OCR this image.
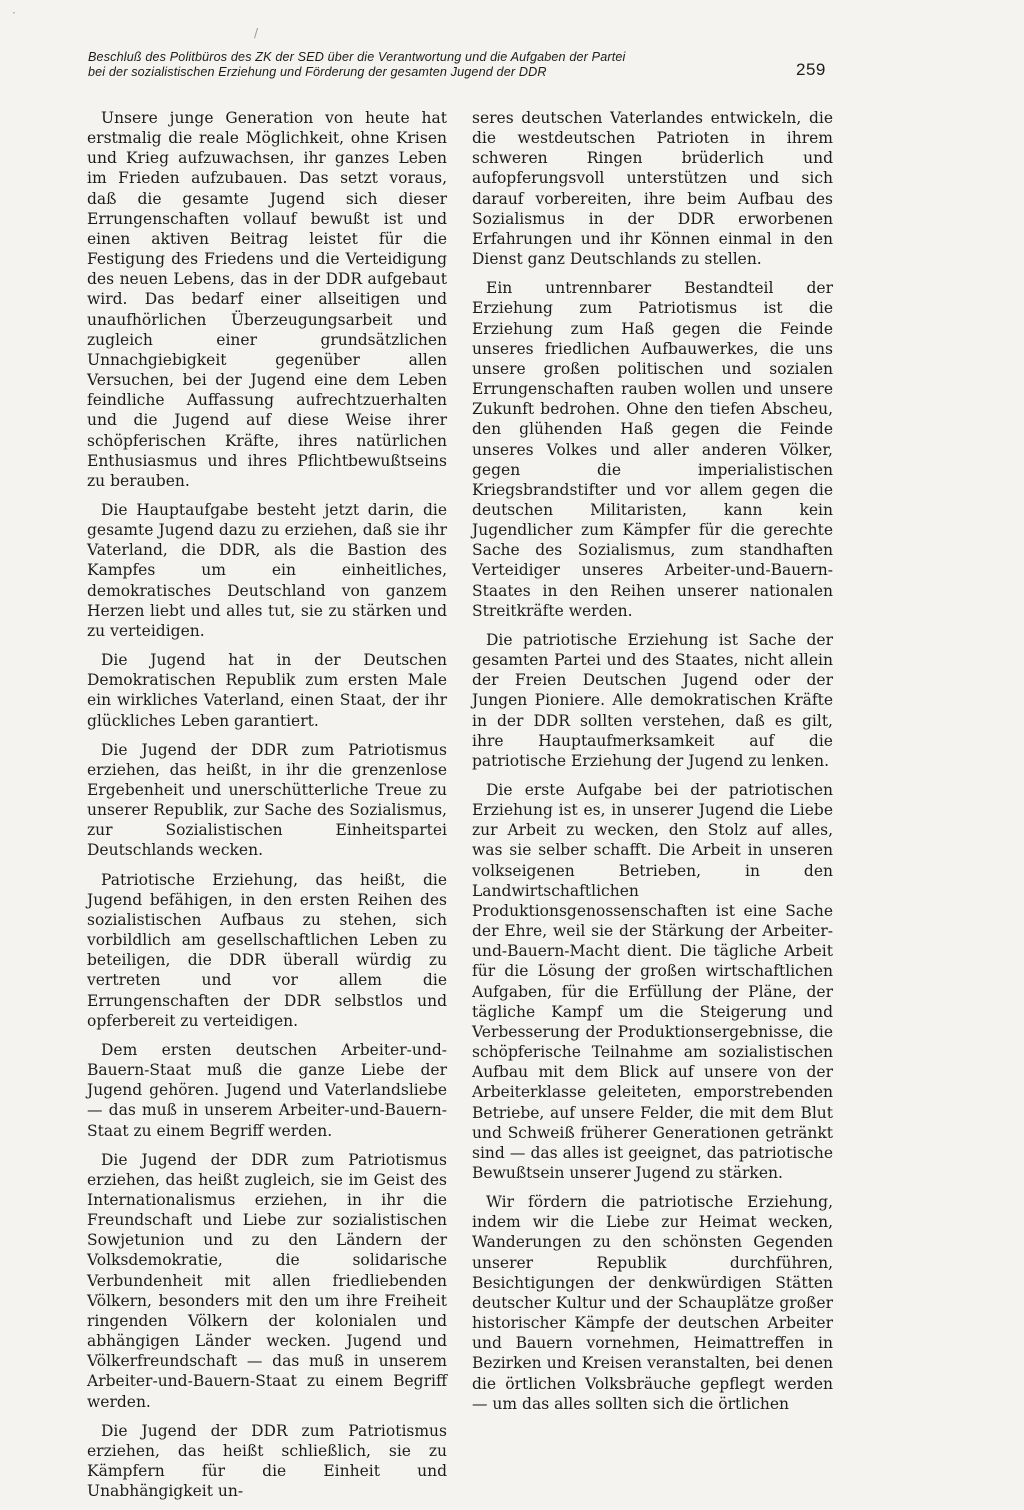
·
/
Beschluß des Politbüros des ZK der SED über die Verantwortung und die Aufgaben der Partei
bei der sozialistischen Erziehung und Förderung der gesamten Jugend der DDR	259

Unsere junge Generation von heute hat erstmalig die reale Möglichkeit, ohne Krisen und Krieg aufzuwachsen, ihr ganzes Leben im Frieden aufzubauen. Das setzt voraus, daß die gesamte Jugend sich dieser Errungenschaften vollauf bewußt ist und einen aktiven Beitrag leistet für die Festigung des Friedens und die Verteidigung des neuen Lebens, das in der DDR aufgebaut wird. Das bedarf einer allseitigen und unaufhörlichen Überzeugungsarbeit und zugleich einer grundsätzlichen Unnachgiebigkeit gegenüber allen Versuchen, bei der Jugend eine dem Leben feindliche Auffassung aufrechtzuerhalten und die Jugend auf diese Weise ihrer schöpferischen Kräfte, ihres natürlichen Enthusiasmus und ihres Pflichtbewußtseins zu berauben.

Die Hauptaufgabe besteht jetzt darin, die gesamte Jugend dazu zu erziehen, daß sie ihr Vaterland, die DDR, als die Bastion des Kampfes um ein einheitliches, demokratisches Deutschland von ganzem Herzen liebt und alles tut, sie zu stärken und zu verteidigen.

Die Jugend hat in der Deutschen Demokratischen Republik zum ersten Male ein wirkliches Vaterland, einen Staat, der ihr glückliches Leben garantiert.

Die Jugend der DDR zum Patriotismus erziehen, das heißt, in ihr die grenzenlose Ergebenheit und unerschütterliche Treue zu unserer Republik, zur Sache des Sozialismus, zur Sozialistischen Einheitspartei Deutschlands wecken.

Patriotische Erziehung, das heißt, die Jugend befähigen, in den ersten Reihen des sozialistischen Aufbaus zu stehen, sich vorbildlich am gesellschaftlichen Leben zu beteiligen, die DDR überall würdig zu vertreten und vor allem die Errungenschaften der DDR selbstlos und opferbereit zu verteidigen.

Dem ersten deutschen Arbeiter-und-Bauern-Staat muß die ganze Liebe der Jugend gehören. Jugend und Vaterlandsliebe — das muß in unserem Arbeiter-und-Bauern-Staat zu einem Begriff werden.

Die Jugend der DDR zum Patriotismus erziehen, das heißt zugleich, sie im Geist des Internationalismus erziehen, in ihr die Freundschaft und Liebe zur sozialistischen Sowjetunion und zu den Ländern der Volksdemokratie, die solidarische Verbundenheit mit allen friedliebenden Völkern, besonders mit den um ihre Freiheit ringenden Völkern der kolonialen und abhängigen Länder wecken. Jugend und Völkerfreundschaft — das muß in unserem Arbeiter-und-Bauern-Staat zu einem Begriff werden.

Die Jugend der DDR zum Patriotismus erziehen, das heißt schließlich, sie zu Kämpfern für die Einheit und Unabhängigkeit un-

seres deutschen Vaterlandes entwickeln, die die westdeutschen Patrioten in ihrem schweren Ringen brüderlich und aufopferungsvoll unterstützen und sich darauf vorbereiten, ihre beim Aufbau des Sozialismus in der DDR erworbenen Erfahrungen und ihr Können einmal in den Dienst ganz Deutschlands zu stellen.

Ein untrennbarer Bestandteil der Erziehung zum Patriotismus ist die Erziehung zum Haß gegen die Feinde unseres friedlichen Aufbauwerkes, die uns unsere großen politischen und sozialen Errungenschaften rauben wollen und unsere Zukunft bedrohen. Ohne den tiefen Abscheu, den glühenden Haß gegen die Feinde unseres Volkes und aller anderen Völker, gegen die imperialistischen Kriegsbrandstifter und vor allem gegen die deutschen Militaristen, kann kein Jugendlicher zum Kämpfer für die gerechte Sache des Sozialismus, zum standhaften Verteidiger unseres Arbeiter-und-Bauern-Staates in den Reihen unserer nationalen Streitkräfte werden.

Die patriotische Erziehung ist Sache der gesamten Partei und des Staates, nicht allein der Freien Deutschen Jugend oder der Jungen Pioniere. Alle demokratischen Kräfte in der DDR sollten verstehen, daß es gilt, ihre Hauptaufmerksamkeit auf die patriotische Erziehung der Jugend zu lenken.

Die erste Aufgabe bei der patriotischen Erziehung ist es, in unserer Jugend die Liebe zur Arbeit zu wecken, den Stolz auf alles, was sie selber schafft. Die Arbeit in unseren volkseigenen Betrieben, in den Landwirtschaftlichen Produktionsgenossenschaften ist eine Sache der Ehre, weil sie der Stärkung der Arbeiter-und-Bauern-Macht dient. Die tägliche Arbeit für die Lösung der großen wirtschaftlichen Aufgaben, für die Erfüllung der Pläne, der tägliche Kampf um die Steigerung und Verbesserung der Produktionsergebnisse, die schöpferische Teilnahme am sozialistischen Aufbau mit dem Blick auf unsere von der Arbeiterklasse geleiteten, emporstrebenden Betriebe, auf unsere Felder, die mit dem Blut und Schweiß früherer Generationen getränkt sind — das alles ist geeignet, das patriotische Bewußtsein unserer Jugend zu stärken.

Wir fördern die patriotische Erziehung, indem wir die Liebe zur Heimat wecken, Wanderungen zu den schönsten Gegenden unserer Republik durchführen, Besichtigungen der denkwürdigen Stätten deutscher Kultur und der Schauplätze großer historischer Kämpfe der deutschen Arbeiter und Bauern vornehmen, Heimattreffen in Bezirken und Kreisen veranstalten, bei denen die örtlichen Volksbräuche gepflegt werden — um das alles sollten sich die örtlichen
